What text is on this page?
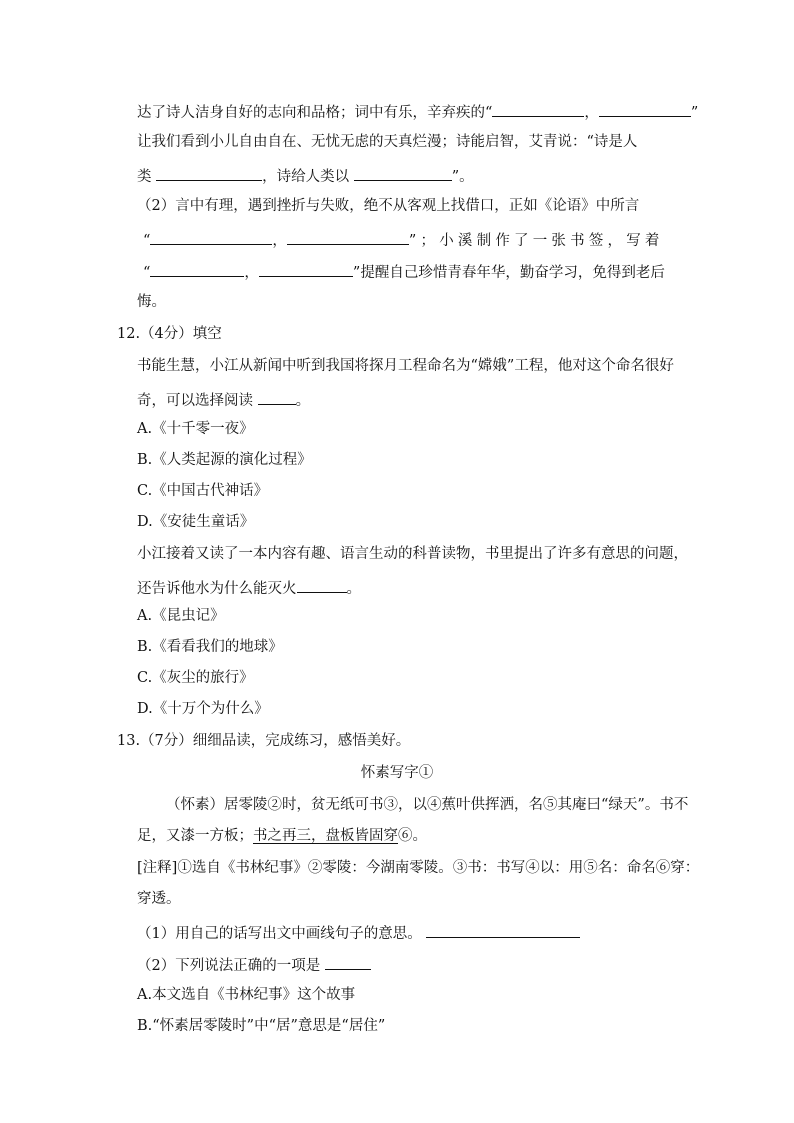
达了诗人洁身自好的志向和品格；词中有乐，辛弃疾的“	，	”
让我们看到小儿自由自在、无忧无虑的天真烂漫；诗能启智，艾青说：“诗是人
类	，诗给人类以	”。
（2）言中有理，遇到挫折与失败，绝不从客观上找借口，正如《论语》中所言
“	，	”；小溪制作了一张书签，写着
“	，	”提醒自己珍惜青春年华，勤奋学习，免得到老后
悔。
12.（4分）填空
书能生慧，小江从新闻中听到我国将探月工程命名为“嫦娥”工程，他对这个命名很好
奇，可以选择阅读	。
A.《十千零一夜》
B.《人类起源的演化过程》
C.《中国古代神话》
D.《安徒生童话》
小江接着又读了一本内容有趣、语言生动的科普读物，书里提出了许多有意思的问题，
还告诉他水为什么能灭火	。
A.《昆虫记》
B.《看看我们的地球》
C.《灰尘的旅行》
D.《十万个为什么》
13.（7分）细细品读，完成练习，感悟美好。
怀素写字①
（怀素）居零陵②时，贫无纸可书③，以④蕉叶供挥洒，名⑤其庵曰“绿天”。书不
足，又漆一方板；书之再三，盘板皆固穿⑥。
[注释]①选自《书林纪事》②零陵：今湖南零陵。③书：书写④以：用⑤名：命名⑥穿：
穿透。
（1）用自己的话写出文中画线句子的意思。
（2）下列说法正确的一项是
A.本文选自《书林纪事》这个故事
B.“怀素居零陵时”中“居”意思是“居住”
